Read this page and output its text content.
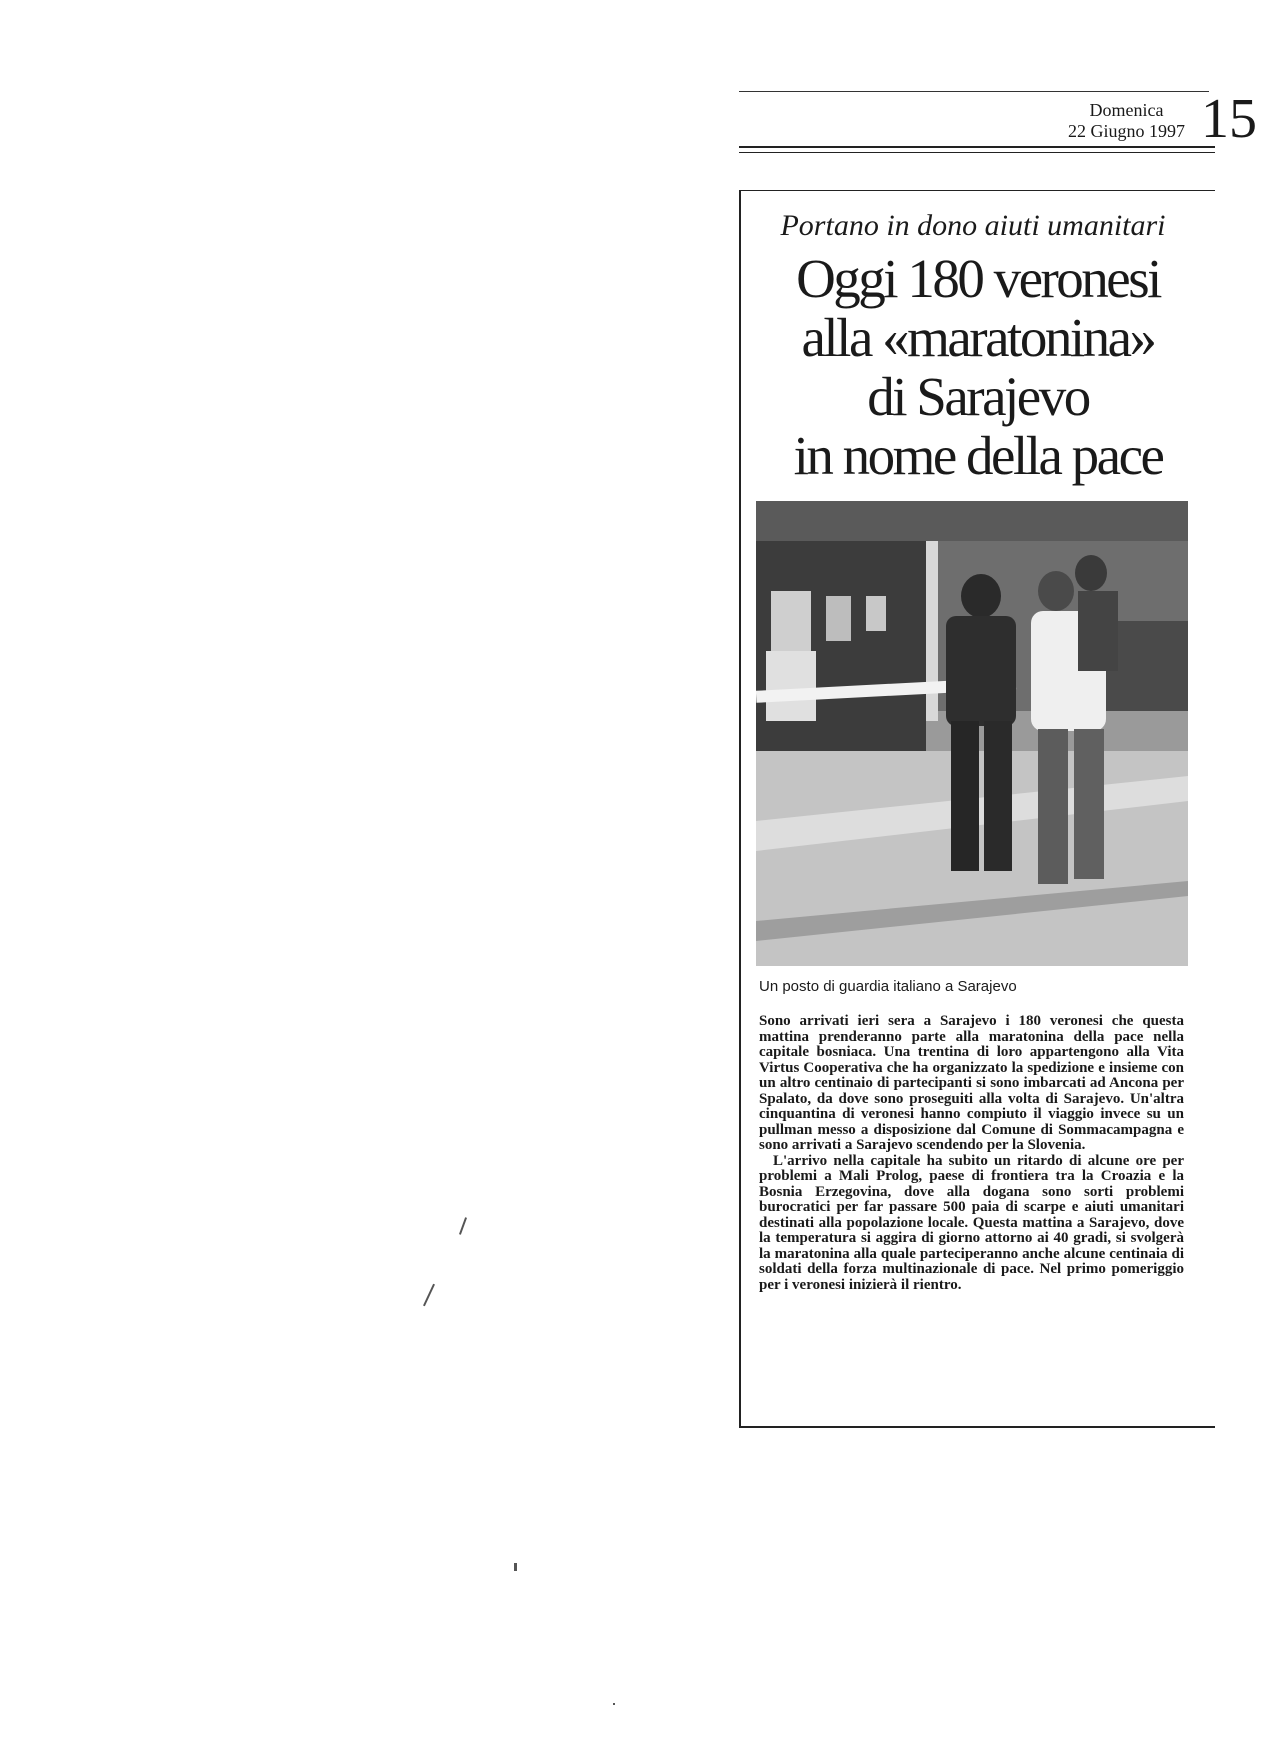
Domenica
22 Giugno 1997 15
Portano in dono aiuti umanitari
Oggi 180 veronesi
alla «maratonina»
di Sarajevo
in nome della pace
Un posto di guardia italiano a Sarajevo

Sono arrivati ieri sera a Sarajevo i 180 veronesi che questa mattina prenderanno parte alla maratonina della pace nella capitale bosniaca. Una trentina di loro appartengono alla Vita Virtus Cooperativa che ha organizzato la spedizione e insieme con un altro centinaio di partecipanti si sono imbarcati ad Ancona per Spalato, da dove sono proseguiti alla volta di Sarajevo. Un'altra cinquantina di veronesi hanno compiuto il viaggio invece su un pullman messo a disposizione dal Comune di Sommacampagna e sono arrivati a Sarajevo scendendo per la Slovenia.

L'arrivo nella capitale ha subito un ritardo di alcune ore per problemi a Mali Prolog, paese di frontiera tra la Croazia e la Bosnia Erzegovina, dove alla dogana sono sorti problemi burocratici per far passare 500 paia di scarpe e aiuti umanitari destinati alla popolazione locale. Questa mattina a Sarajevo, dove la temperatura si aggira di giorno attorno ai 40 gradi, si svolgerà la maratonina alla quale parteciperanno anche alcune centinaia di soldati della forza multinazionale di pace. Nel primo pomeriggio per i veronesi inizierà il rientro.
